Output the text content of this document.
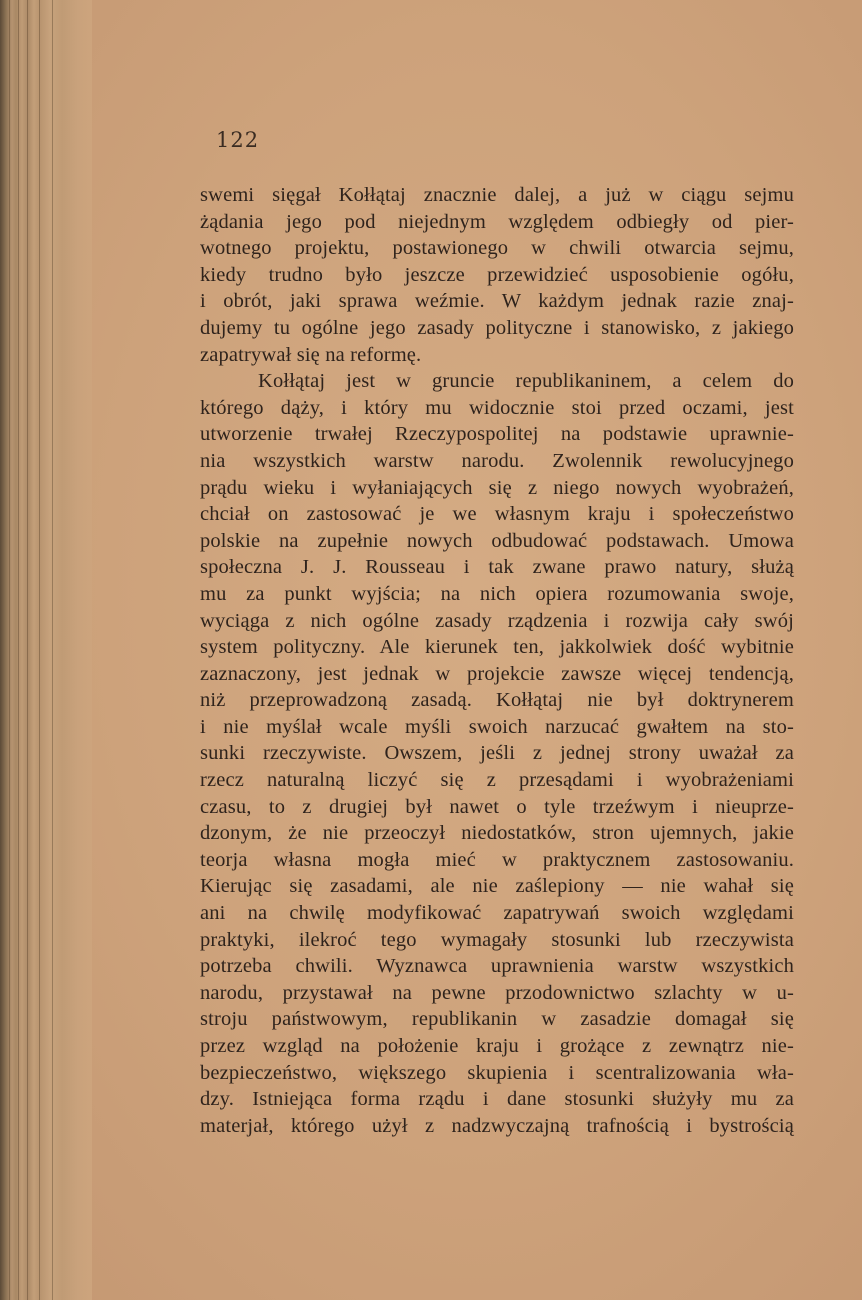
122
swemi sięgał Kołłątaj znacznie dalej, a już w ciągu sejmu
żądania jego pod niejednym względem odbiegły od pier-
wotnego projektu, postawionego w chwili otwarcia sejmu,
kiedy trudno było jeszcze przewidzieć usposobienie ogółu,
i obrót, jaki sprawa weźmie. W każdym jednak razie znaj-
dujemy tu ogólne jego zasady polityczne i stanowisko, z jakiego
zapatrywał się na reformę.
Kołłątaj jest w gruncie republikaninem, a celem do
którego dąży, i który mu widocznie stoi przed oczami, jest
utworzenie trwałej Rzeczypospolitej na podstawie uprawnie-
nia wszystkich warstw narodu. Zwolennik rewolucyjnego
prądu wieku i wyłaniających się z niego nowych wyobrażeń,
chciał on zastosować je we własnym kraju i społeczeństwo
polskie na zupełnie nowych odbudować podstawach. Umowa
społeczna J. J. Rousseau i tak zwane prawo natury, służą
mu za punkt wyjścia; na nich opiera rozumowania swoje,
wyciąga z nich ogólne zasady rządzenia i rozwija cały swój
system polityczny. Ale kierunek ten, jakkolwiek dość wybitnie
zaznaczony, jest jednak w projekcie zawsze więcej tendencją,
niż przeprowadzoną zasadą. Kołłątaj nie był doktrynerem
i nie myślał wcale myśli swoich narzucać gwałtem na sto-
sunki rzeczywiste. Owszem, jeśli z jednej strony uważał za
rzecz naturalną liczyć się z przesądami i wyobrażeniami
czasu, to z drugiej był nawet o tyle trzeźwym i nieuprze-
dzonym, że nie przeoczył niedostatków, stron ujemnych, jakie
teorja własna mogła mieć w praktycznem zastosowaniu.
Kierując się zasadami, ale nie zaślepiony — nie wahał się
ani na chwilę modyfikować zapatrywań swoich względami
praktyki, ilekroć tego wymagały stosunki lub rzeczywista
potrzeba chwili. Wyznawca uprawnienia warstw wszystkich
narodu, przystawał na pewne przodownictwo szlachty w u-
stroju państwowym, republikanin w zasadzie domagał się
przez wzgląd na położenie kraju i grożące z zewnątrz nie-
bezpieczeństwo, większego skupienia i scentralizowania wła-
dzy. Istniejąca forma rządu i dane stosunki służyły mu za
materjał, którego użył z nadzwyczajną trafnością i bystrością
